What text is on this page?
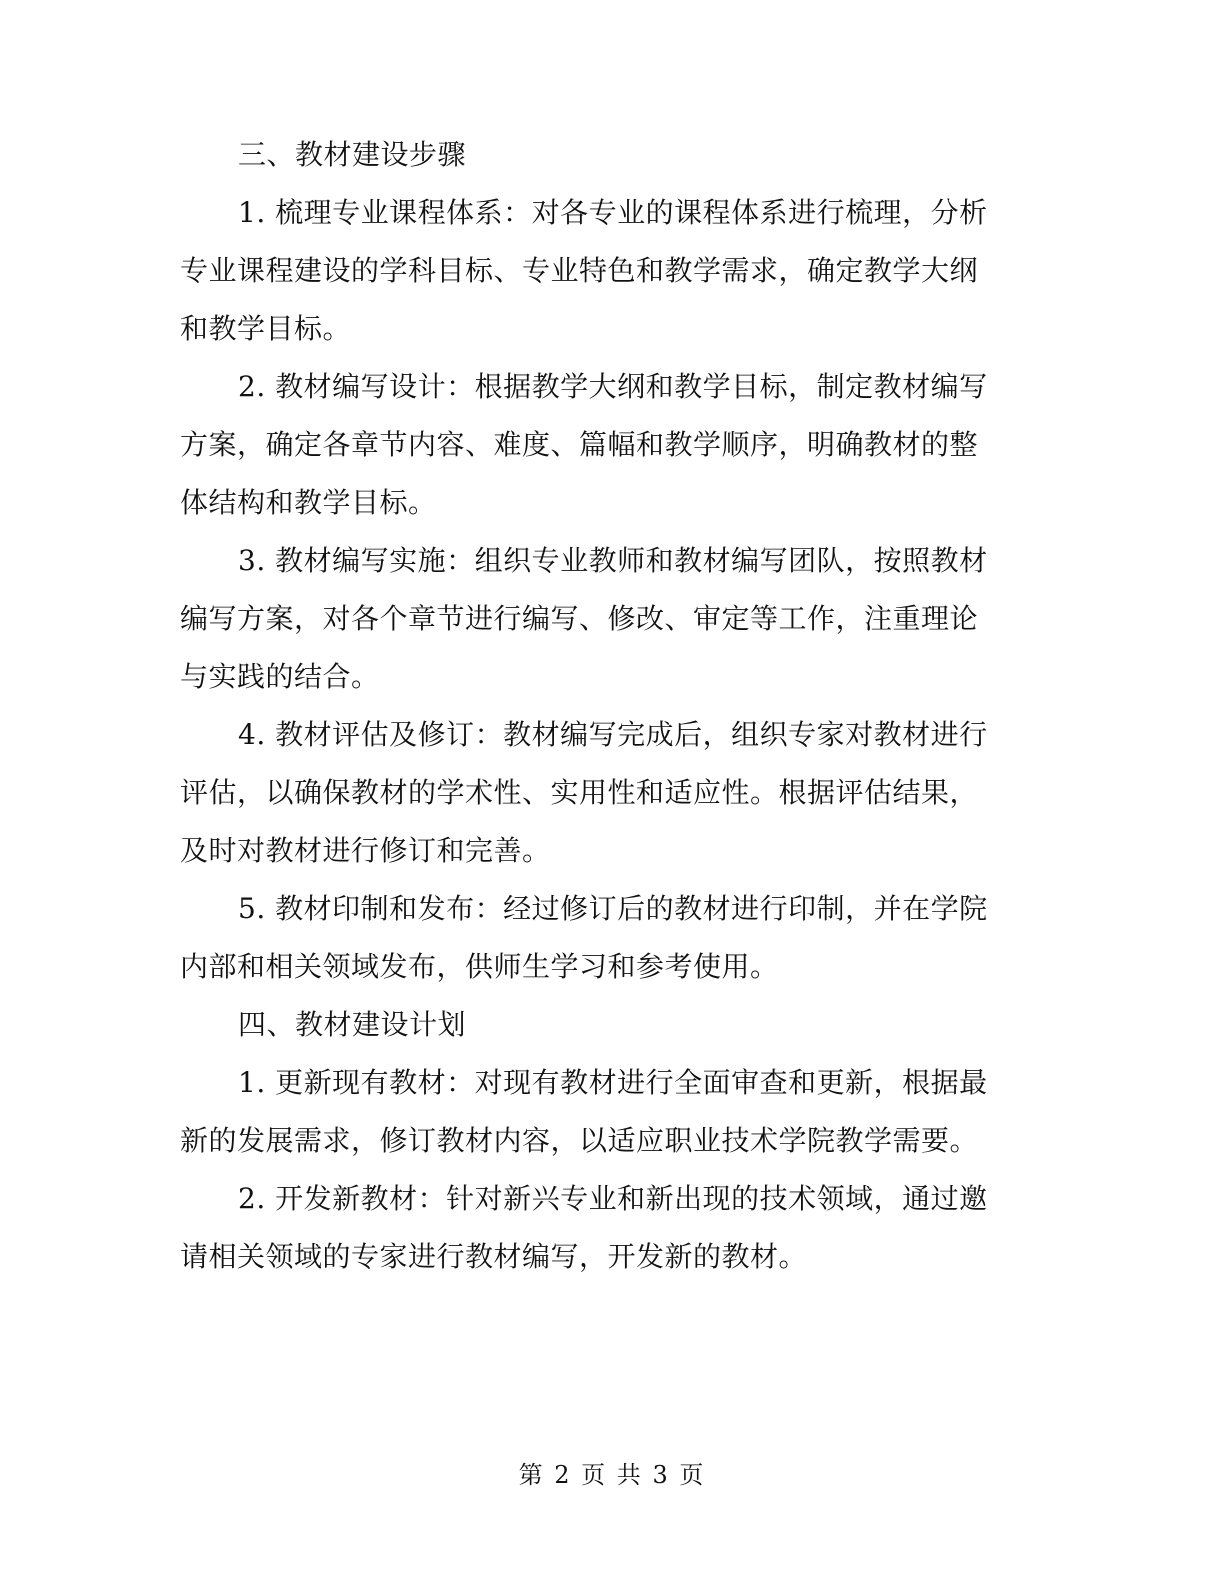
三、教材建设步骤

1. 梳理专业课程体系：对各专业的课程体系进行梳理，分析
专业课程建设的学科目标、专业特色和教学需求，确定教学大纲
和教学目标。

2. 教材编写设计：根据教学大纲和教学目标，制定教材编写
方案，确定各章节内容、难度、篇幅和教学顺序，明确教材的整
体结构和教学目标。

3. 教材编写实施：组织专业教师和教材编写团队，按照教材
编写方案，对各个章节进行编写、修改、审定等工作，注重理论
与实践的结合。

4. 教材评估及修订：教材编写完成后，组织专家对教材进行
评估，以确保教材的学术性、实用性和适应性。根据评估结果，
及时对教材进行修订和完善。

5. 教材印制和发布：经过修订后的教材进行印制，并在学院
内部和相关领域发布，供师生学习和参考使用。

四、教材建设计划

1. 更新现有教材：对现有教材进行全面审查和更新，根据最
新的发展需求，修订教材内容，以适应职业技术学院教学需要。

2. 开发新教材：针对新兴专业和新出现的技术领域，通过邀
请相关领域的专家进行教材编写，开发新的教材。

第 2 页 共 3 页
